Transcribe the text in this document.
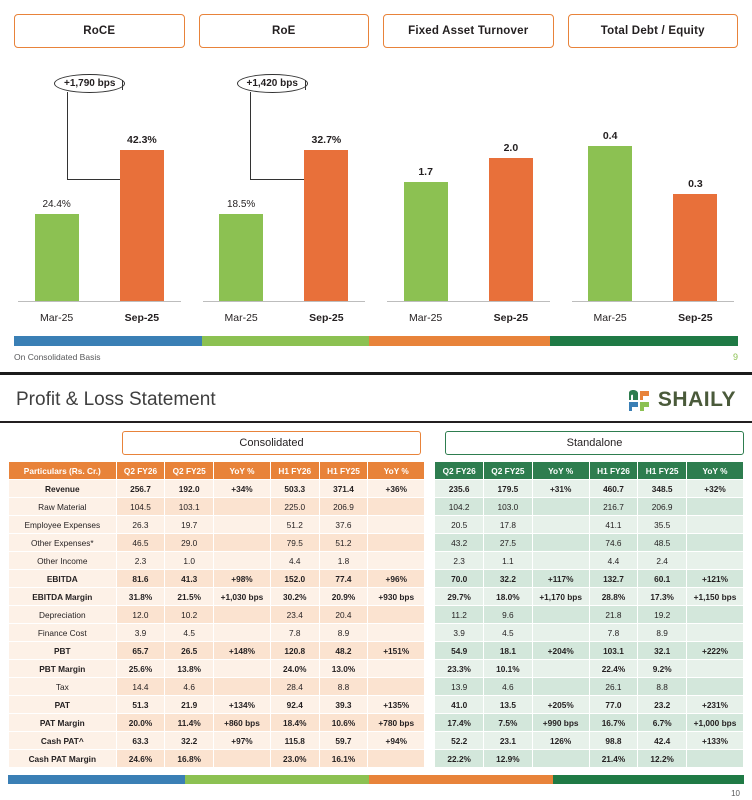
RoCE
+1,790 bps
24.4%
42.3%
Mar-25	Sep-25
RoE
+1,420 bps
18.5%
32.7%
Mar-25	Sep-25
Fixed Asset Turnover
1.7
2.0
Mar-25	Sep-25
Total Debt / Equity
0.4
0.3
Mar-25	Sep-25
On Consolidated Basis	9
Profit & Loss Statement	SHAILY
Consolidated	Standalone
Particulars (Rs. Cr.)	Q2 FY26	Q2 FY25	YoY %	H1 FY26	H1 FY25	YoY %		Q2 FY26	Q2 FY25	YoY %	H1 FY26	H1 FY25	YoY %
Revenue	256.7	192.0	+34%	503.3	371.4	+36%		235.6	179.5	+31%	460.7	348.5	+32%
Raw Material	104.5	103.1		225.0	206.9			104.2	103.0		216.7	206.9	
Employee Expenses	26.3	19.7		51.2	37.6			20.5	17.8		41.1	35.5	
Other Expenses*	46.5	29.0		79.5	51.2			43.2	27.5		74.6	48.5	
Other Income	2.3	1.0		4.4	1.8			2.3	1.1		4.4	2.4	
EBITDA	81.6	41.3	+98%	152.0	77.4	+96%		70.0	32.2	+117%	132.7	60.1	+121%
EBITDA Margin	31.8%	21.5%	+1,030 bps	30.2%	20.9%	+930 bps		29.7%	18.0%	+1,170 bps	28.8%	17.3%	+1,150 bps
Depreciation	12.0	10.2		23.4	20.4			11.2	9.6		21.8	19.2	
Finance Cost	3.9	4.5		7.8	8.9			3.9	4.5		7.8	8.9	
PBT	65.7	26.5	+148%	120.8	48.2	+151%		54.9	18.1	+204%	103.1	32.1	+222%
PBT Margin	25.6%	13.8%		24.0%	13.0%			23.3%	10.1%		22.4%	9.2%	
Tax	14.4	4.6		28.4	8.8			13.9	4.6		26.1	8.8	
PAT	51.3	21.9	+134%	92.4	39.3	+135%		41.0	13.5	+205%	77.0	23.2	+231%
PAT Margin	20.0%	11.4%	+860 bps	18.4%	10.6%	+780 bps		17.4%	7.5%	+990 bps	16.7%	6.7%	+1,000 bps
Cash PAT^	63.3	32.2	+97%	115.8	59.7	+94%		52.2	23.1	126%	98.8	42.4	+133%
Cash PAT Margin	24.6%	16.8%		23.0%	16.1%			22.2%	12.9%		21.4%	12.2%	
10
